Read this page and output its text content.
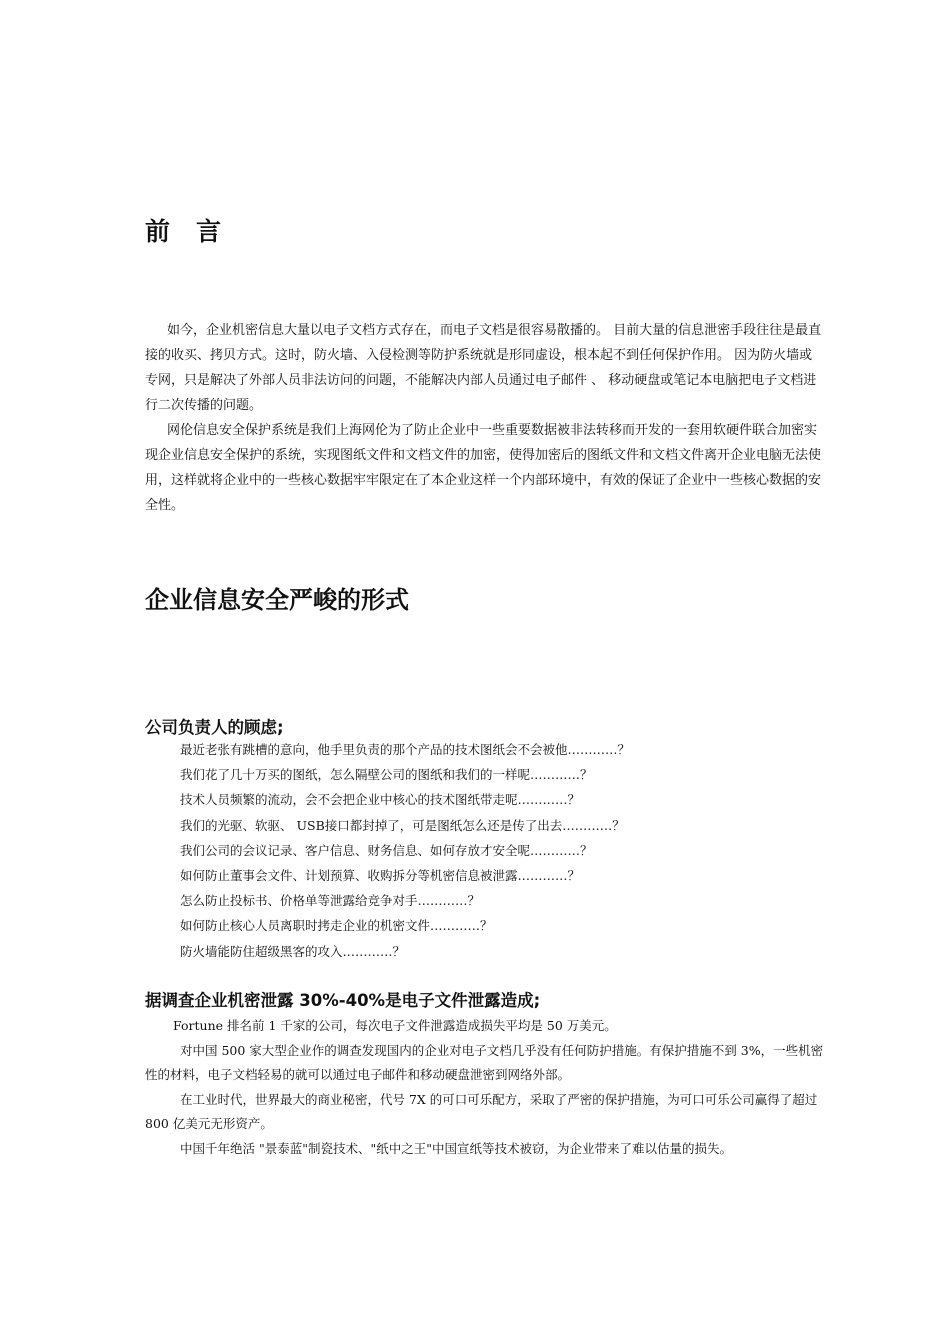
前言
如今，企业机密信息大量以电子文档方式存在，而电子文档是很容易散播的。 目前大量的信息泄密手段往往是最直接的收买、拷贝方式。这时，防火墙、入侵检测等防护系统就是形同虚设，根本起不到任何保护作用。 因为防火墙或专网，只是解决了外部人员非法访问的问题，不能解决内部人员通过电子邮件 、 移动硬盘或笔记本电脑把电子文档进行二次传播的问题。
网伦信息安全保护系统是我们上海网伦为了防止企业中一些重要数据被非法转移而开发的一套用软硬件联合加密实现企业信息安全保护的系统，实现图纸文件和文档文件的加密，使得加密后的图纸文件和文档文件离开企业电脑无法使用，这样就将企业中的一些核心数据牢牢限定在了本企业这样一个内部环境中，有效的保证了企业中一些核心数据的安全性。
企业信息安全严峻的形式
公司负责人的顾虑;
最近老张有跳槽的意向，他手里负责的那个产品的技术图纸会不会被他…………？
我们花了几十万买的图纸，怎么隔壁公司的图纸和我们的一样呢…………？
技术人员频繁的流动，会不会把企业中核心的技术图纸带走呢…………？
我们的光驱、软驱、 USB接口都封掉了，可是图纸怎么还是传了出去…………？
我们公司的会议记录、客户信息、财务信息、如何存放才安全呢…………？
如何防止董事会文件、计划预算、收购拆分等机密信息被泄露…………？
怎么防止投标书、价格单等泄露给竞争对手…………？
如何防止核心人员离职时拷走企业的机密文件…………？
防火墙能防住超级黑客的攻入…………？
据调查企业机密泄露 30%-40%是电子文件泄露造成;

Fortune 排名前 1 千家的公司，每次电子文件泄露造成损失平均是 50 万美元。

对中国 500 家大型企业作的调查发现国内的企业对电子文档几乎没有任何防护措施。有保护措施不到 3%，一些机密性的材料，电子文档轻易的就可以通过电子邮件和移动硬盘泄密到网络外部。

在工业时代，世界最大的商业秘密，代号 7X 的可口可乐配方，采取了严密的保护措施，为可口可乐公司赢得了超过 800 亿美元无形资产。

中国千年绝活 "景泰蓝"制瓷技术、"纸中之王"中国宣纸等技术被窃，为企业带来了难以估量的损失。
